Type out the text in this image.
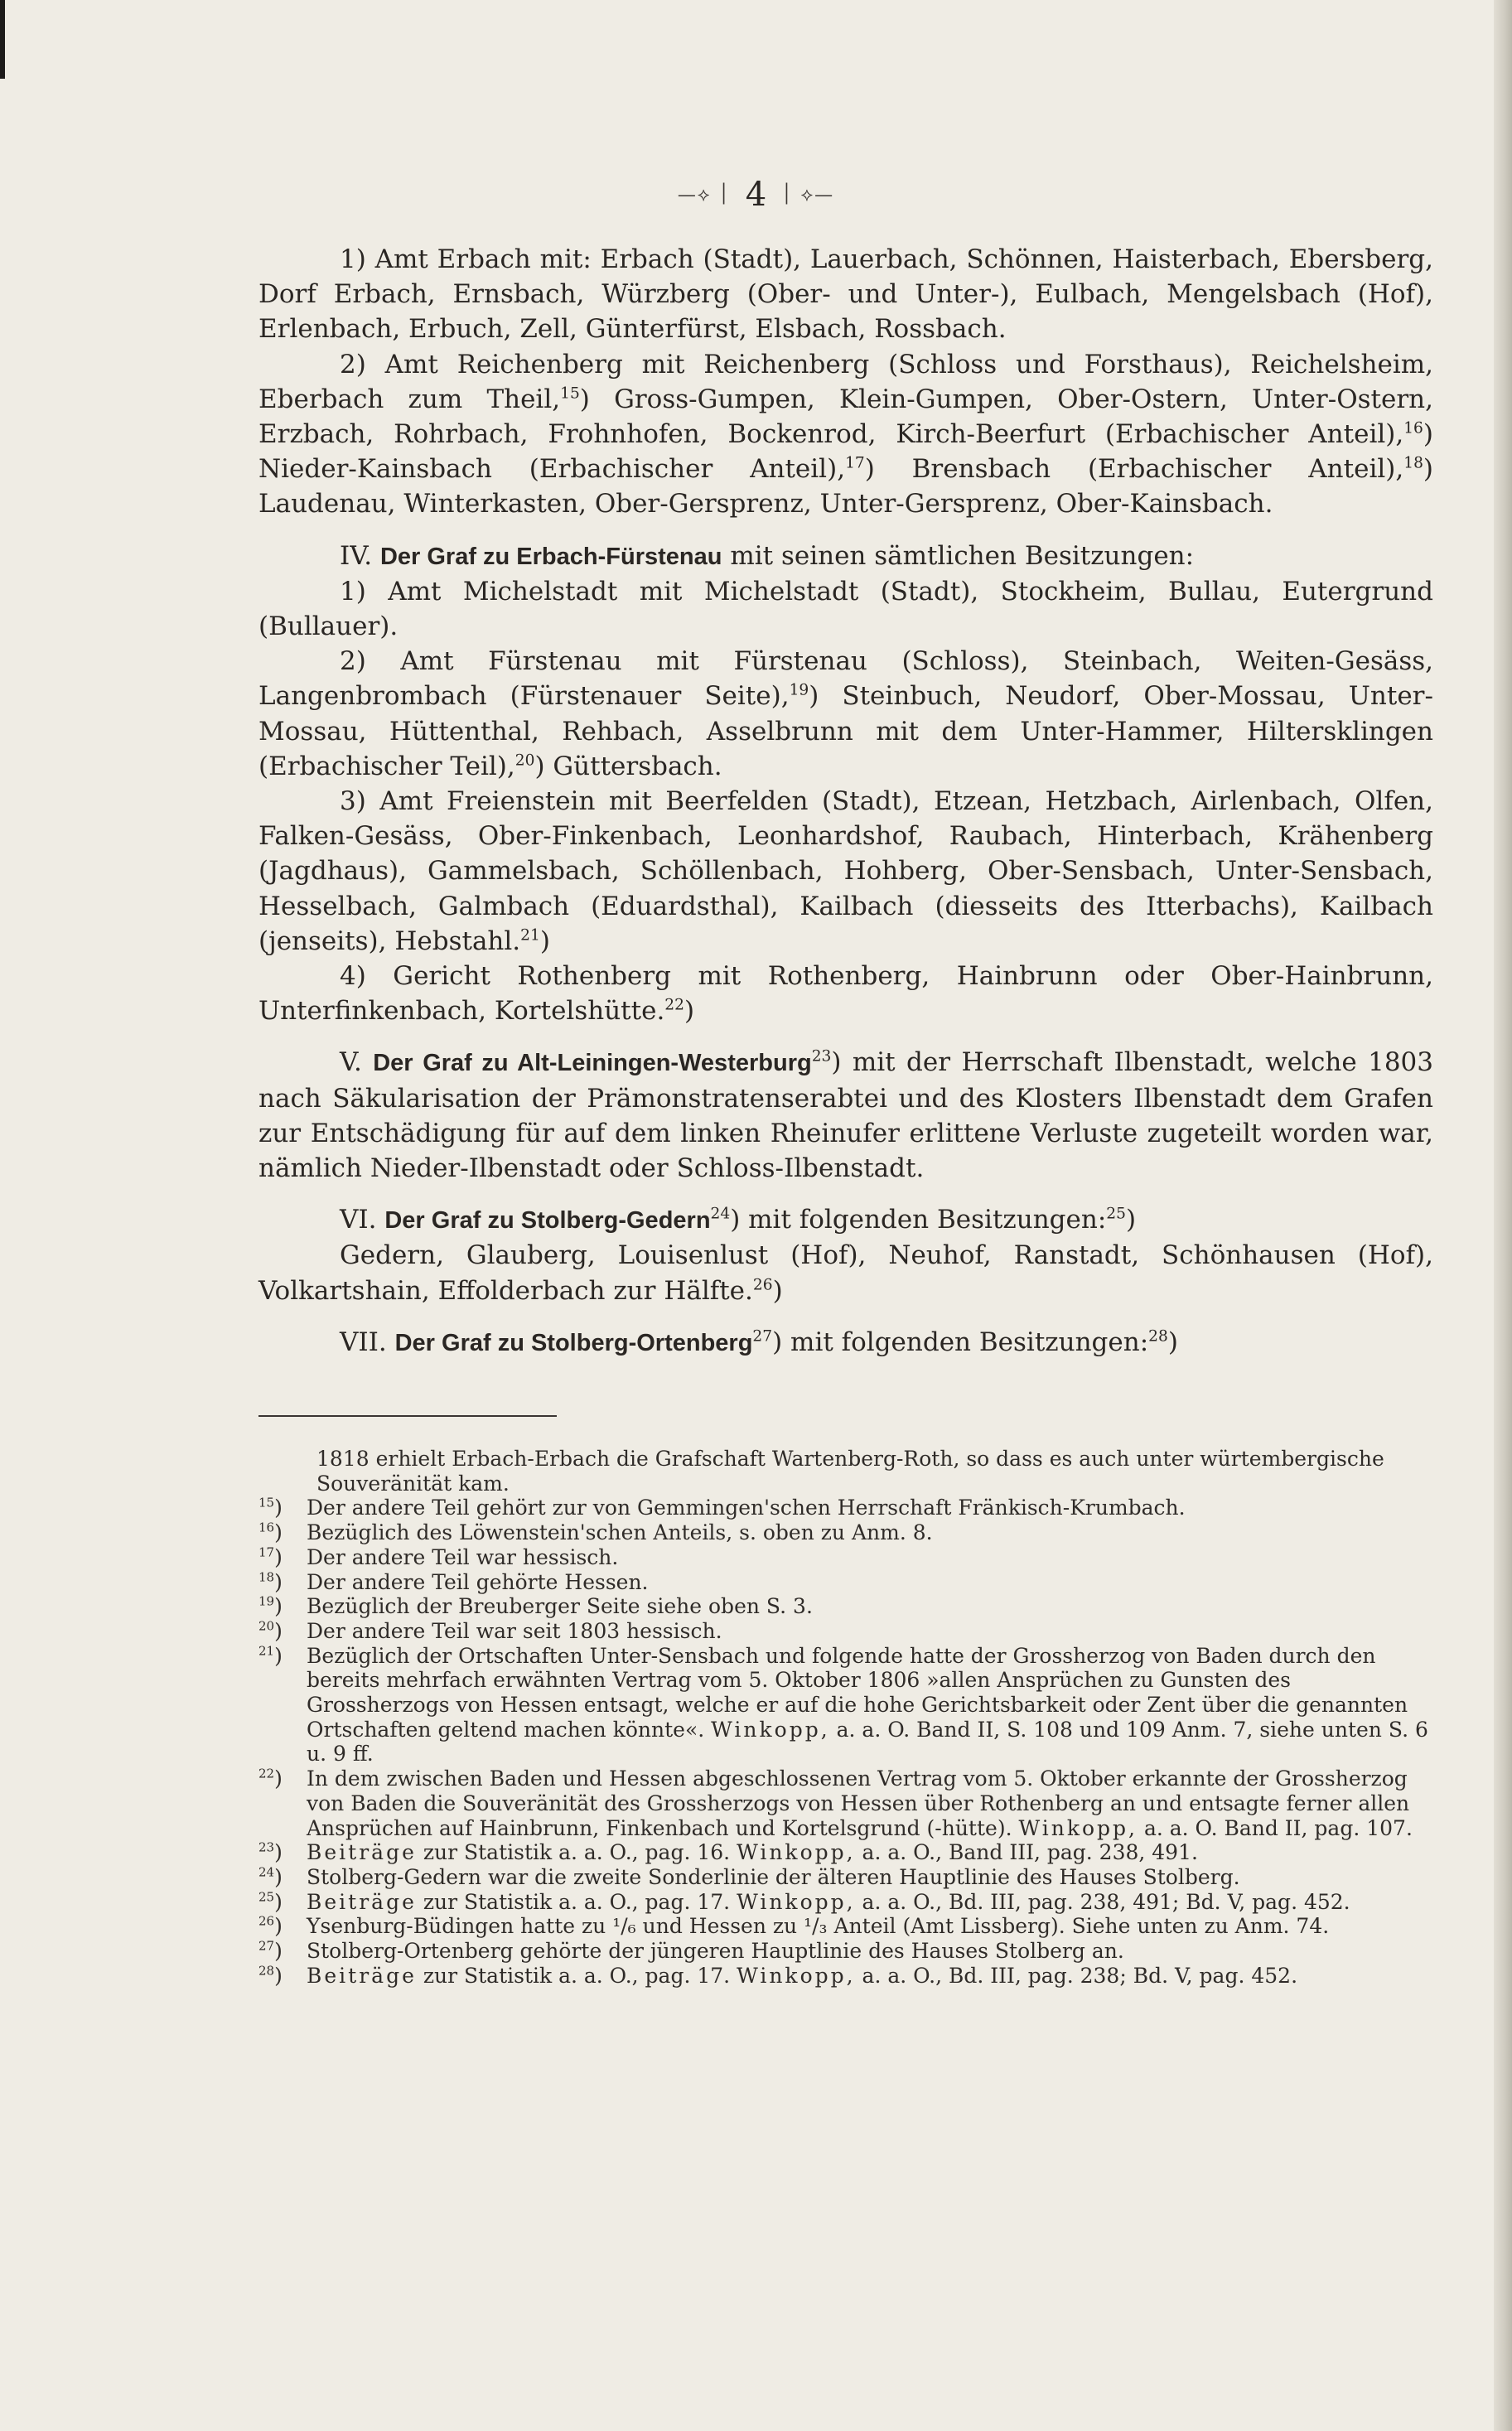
—⟡ ׀ 4 ׀ ⟡—

1) Amt Erbach mit: Erbach (Stadt), Lauerbach, Schönnen, Haisterbach, Ebersberg, Dorf Erbach, Ernsbach, Würzberg (Ober- und Unter-), Eulbach, Mengelsbach (Hof), Erlenbach, Erbuch, Zell, Günterfürst, Elsbach, Rossbach.

2) Amt Reichenberg mit Reichenberg (Schloss und Forsthaus), Reichelsheim, Eberbach zum Theil,$^{15}$) Gross-Gumpen, Klein-Gumpen, Ober-Ostern, Unter-Ostern, Erzbach, Rohrbach, Frohnhofen, Bockenrod, Kirch-Beerfurt (Erbachischer Anteil),$^{16}$) Nieder-Kainsbach (Erbachischer Anteil),$^{17}$) Brensbach (Erbachischer Anteil),$^{18}$) Laudenau, Winterkasten, Ober-Gersprenz, Unter-Gersprenz, Ober-Kainsbach.

IV. Der Graf zu Erbach-Fürstenau mit seinen sämtlichen Besitzungen:

1) Amt Michelstadt mit Michelstadt (Stadt), Stockheim, Bullau, Eutergrund (Bullauer).

2) Amt Fürstenau mit Fürstenau (Schloss), Steinbach, Weiten-Gesäss, Langenbrombach (Fürstenauer Seite),$^{19}$) Steinbuch, Neudorf, Ober-Mossau, Unter-Mossau, Hüttenthal, Rehbach, Asselbrunn mit dem Unter-Hammer, Hiltersklingen (Erbachischer Teil),$^{20}$) Güttersbach.

3) Amt Freienstein mit Beerfelden (Stadt), Etzean, Hetzbach, Airlenbach, Olfen, Falken-Gesäss, Ober-Finkenbach, Leonhardshof, Raubach, Hinterbach, Krähenberg (Jagdhaus), Gammelsbach, Schöllenbach, Hohberg, Ober-Sensbach, Unter-Sensbach, Hesselbach, Galmbach (Eduardsthal), Kailbach (diesseits des Itterbachs), Kailbach (jenseits), Hebstahl.$^{21}$)

4) Gericht Rothenberg mit Rothenberg, Hainbrunn oder Ober-Hainbrunn, Unterfinkenbach, Kortelshütte.$^{22}$)

V. Der Graf zu Alt-Leiningen-Westerburg$^{23}$) mit der Herrschaft Ilbenstadt, welche 1803 nach Säkularisation der Prämonstratenserabtei und des Klosters Ilbenstadt dem Grafen zur Entschädigung für auf dem linken Rheinufer erlittene Verluste zugeteilt worden war, nämlich Nieder-Ilbenstadt oder Schloss-Ilbenstadt.

VI. Der Graf zu Stolberg-Gedern$^{24}$) mit folgenden Besitzungen:$^{25}$)

Gedern, Glauberg, Louisenlust (Hof), Neuhof, Ranstadt, Schönhausen (Hof), Volkartshain, Effolderbach zur Hälfte.$^{26}$)

VII. Der Graf zu Stolberg-Ortenberg$^{27}$) mit folgenden Besitzungen:$^{28}$)

1818 erhielt Erbach-Erbach die Grafschaft Wartenberg-Roth, so dass es auch unter würtembergische Souveränität kam.

$^{15}$) Der andere Teil gehört zur von Gemmingen'schen Herrschaft Fränkisch-Krumbach.

$^{16}$) Bezüglich des Löwenstein'schen Anteils, s. oben zu Anm. 8.

$^{17}$) Der andere Teil war hessisch.

$^{18}$) Der andere Teil gehörte Hessen.

$^{19}$) Bezüglich der Breuberger Seite siehe oben S. 3.

$^{20}$) Der andere Teil war seit 1803 hessisch.

$^{21}$) Bezüglich der Ortschaften Unter-Sensbach und folgende hatte der Grossherzog von Baden durch den bereits mehrfach erwähnten Vertrag vom 5. Oktober 1806 »allen Ansprüchen zu Gunsten des Grossherzogs von Hessen entsagt, welche er auf die hohe Gerichtsbarkeit oder Zent über die genannten Ortschaften geltend machen könnte«. Winkopp, a. a. O. Band II, S. 108 und 109 Anm. 7, siehe unten S. 6 u. 9 ff.

$^{22}$) In dem zwischen Baden und Hessen abgeschlossenen Vertrag vom 5. Oktober erkannte der Grossherzog von Baden die Souveränität des Grossherzogs von Hessen über Rothenberg an und entsagte ferner allen Ansprüchen auf Hainbrunn, Finkenbach und Kortelsgrund (-hütte). Winkopp, a. a. O. Band II, pag. 107.

$^{23}$) Beiträge zur Statistik a. a. O., pag. 16. Winkopp, a. a. O., Band III, pag. 238, 491.

$^{24}$) Stolberg-Gedern war die zweite Sonderlinie der älteren Hauptlinie des Hauses Stolberg.

$^{25}$) Beiträge zur Statistik a. a. O., pag. 17. Winkopp, a. a. O., Bd. III, pag. 238, 491; Bd. V, pag. 452.

$^{26}$) Ysenburg-Büdingen hatte zu ¹/₆ und Hessen zu ¹/₃ Anteil (Amt Lissberg). Siehe unten zu Anm. 74.

$^{27}$) Stolberg-Ortenberg gehörte der jüngeren Hauptlinie des Hauses Stolberg an.

$^{28}$) Beiträge zur Statistik a. a. O., pag. 17. Winkopp, a. a. O., Bd. III, pag. 238; Bd. V, pag. 452.
